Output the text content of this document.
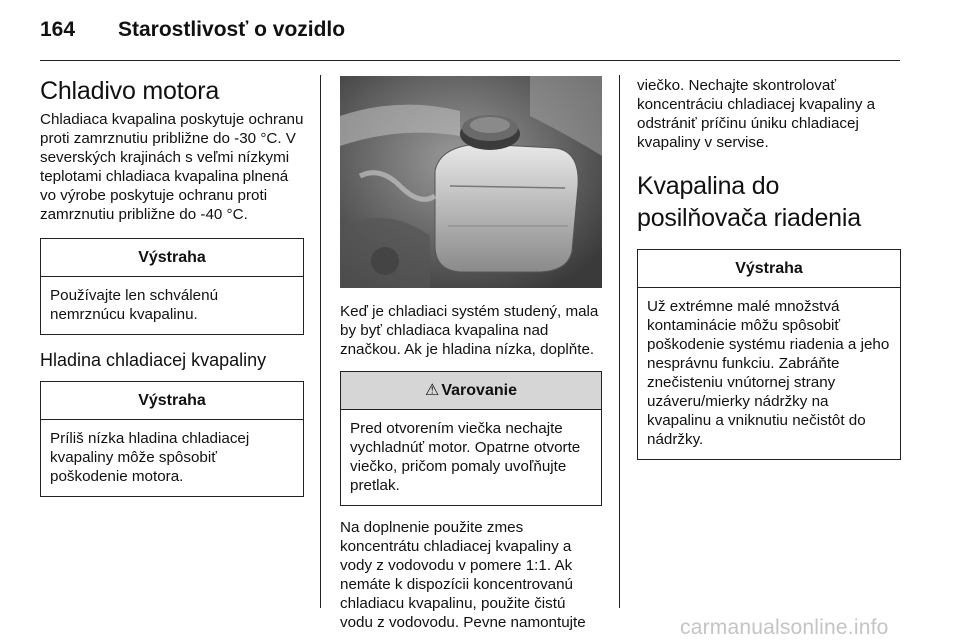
164 Starostlivosť o vozidlo
Chladivo motora

Chladiaca kvapalina poskytuje ochranu proti zamrznutiu približne do -30 °C. V severských krajinách s veľmi nízkymi teplotami chladiaca kvapalina plnená vo výrobe poskytuje ochranu proti zamrznutiu približne do -40 °C.

Výstraha
Používajte len schválenú nemrznúcu kvapalinu.
Hladina chladiacej kvapaliny
Výstraha
Príliš nízka hladina chladiacej kvapaliny môže spôsobiť poškodenie motora.

Keď je chladiaci systém studený, mala by byť chladiaca kvapalina nad značkou. Ak je hladina nízka, doplňte.

⚠ Varovanie
Pred otvorením viečka nechajte vychladnúť motor. Opatrne otvorte viečko, pričom pomaly uvoľňujte pretlak.

Na doplnenie použite zmes koncentrátu chladiacej kvapaliny a vody z vodovodu v pomere 1:1. Ak nemáte k dispozícii koncentrovanú chladiacu kvapalinu, použite čistú vodu z vodovodu. Pevne namontujte

viečko. Nechajte skontrolovať koncentráciu chladiacej kvapaliny a odstrániť príčinu úniku chladiacej kvapaliny v servise.

Kvapalina do posilňovača riadenia
Výstraha
Už extrémne malé množstvá kontaminácie môžu spôsobiť poškodenie systému riadenia a jeho nesprávnu funkciu. Zabráňte znečisteniu vnútornej strany uzáveru/mierky nádržky na kvapalinu a vniknutiu nečistôt do nádržky.
carmanualsonline.info
